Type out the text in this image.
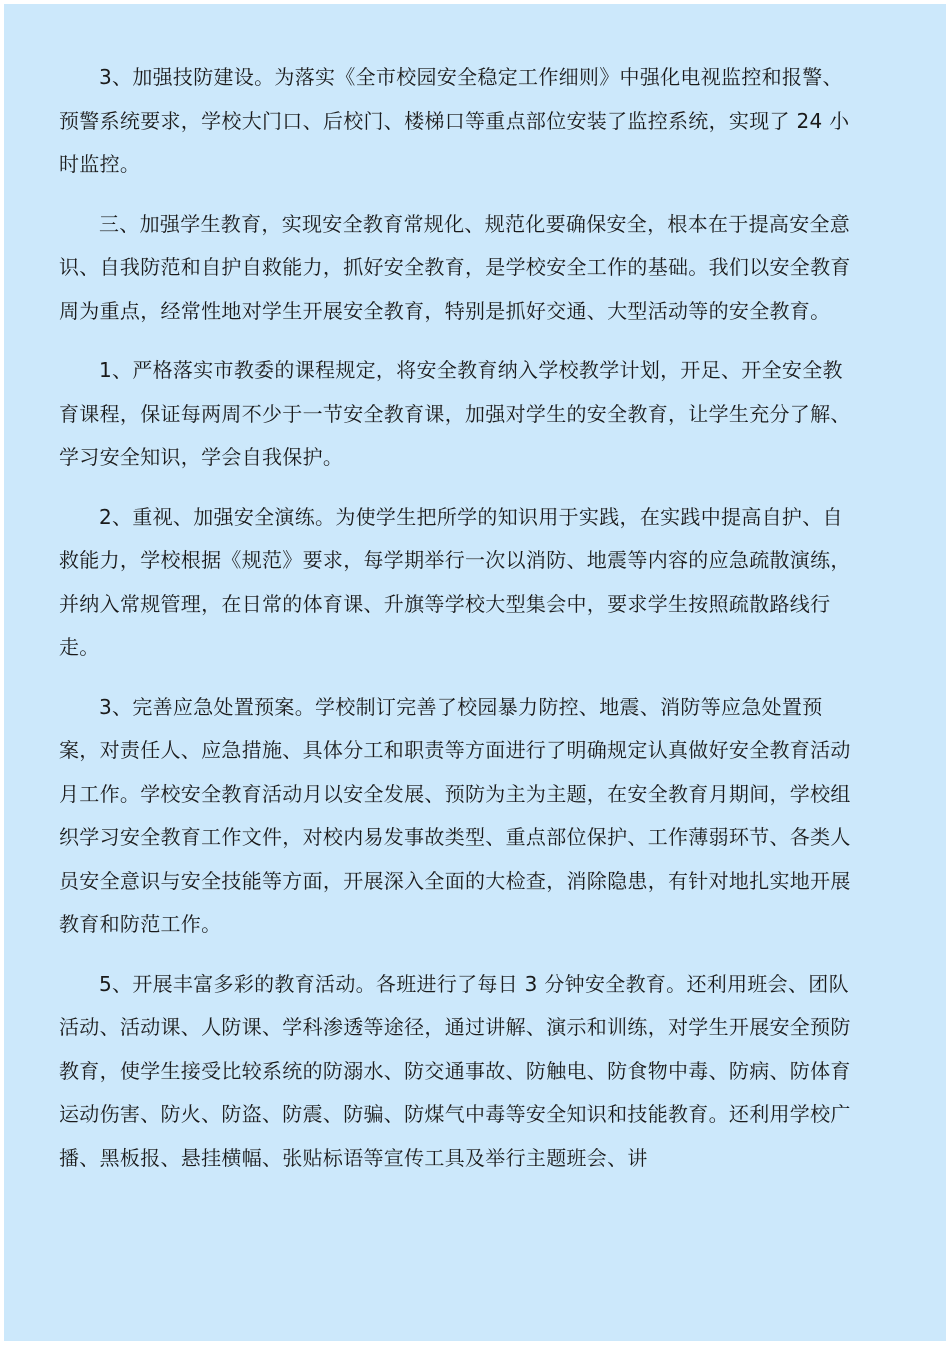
3、加强技防建设。为落实《全市校园安全稳定工作细则》中强化电视监控和报警、预警系统要求，学校大门口、后校门、楼梯口等重点部位安装了监控系统，实现了 24 小时监控。

三、加强学生教育，实现安全教育常规化、规范化要确保安全，根本在于提高安全意识、自我防范和自护自救能力，抓好安全教育，是学校安全工作的基础。我们以安全教育周为重点，经常性地对学生开展安全教育，特别是抓好交通、大型活动等的安全教育。

1、严格落实市教委的课程规定，将安全教育纳入学校教学计划，开足、开全安全教育课程，保证每两周不少于一节安全教育课，加强对学生的安全教育，让学生充分了解、学习安全知识，学会自我保护。

2、重视、加强安全演练。为使学生把所学的知识用于实践，在实践中提高自护、自救能力，学校根据《规范》要求，每学期举行一次以消防、地震等内容的应急疏散演练，并纳入常规管理，在日常的体育课、升旗等学校大型集会中，要求学生按照疏散路线行走。

3、完善应急处置预案。学校制订完善了校园暴力防控、地震、消防等应急处置预案，对责任人、应急措施、具体分工和职责等方面进行了明确规定认真做好安全教育活动月工作。学校安全教育活动月以安全发展、预防为主为主题，在安全教育月期间，学校组织学习安全教育工作文件，对校内易发事故类型、重点部位保护、工作薄弱环节、各类人员安全意识与安全技能等方面，开展深入全面的大检查，消除隐患，有针对地扎实地开展教育和防范工作。

5、开展丰富多彩的教育活动。各班进行了每日 3 分钟安全教育。还利用班会、团队活动、活动课、人防课、学科渗透等途径，通过讲解、演示和训练，对学生开展安全预防教育，使学生接受比较系统的防溺水、防交通事故、防触电、防食物中毒、防病、防体育运动伤害、防火、防盗、防震、防骗、防煤气中毒等安全知识和技能教育。还利用学校广播、黑板报、悬挂横幅、张贴标语等宣传工具及举行主题班会、讲
